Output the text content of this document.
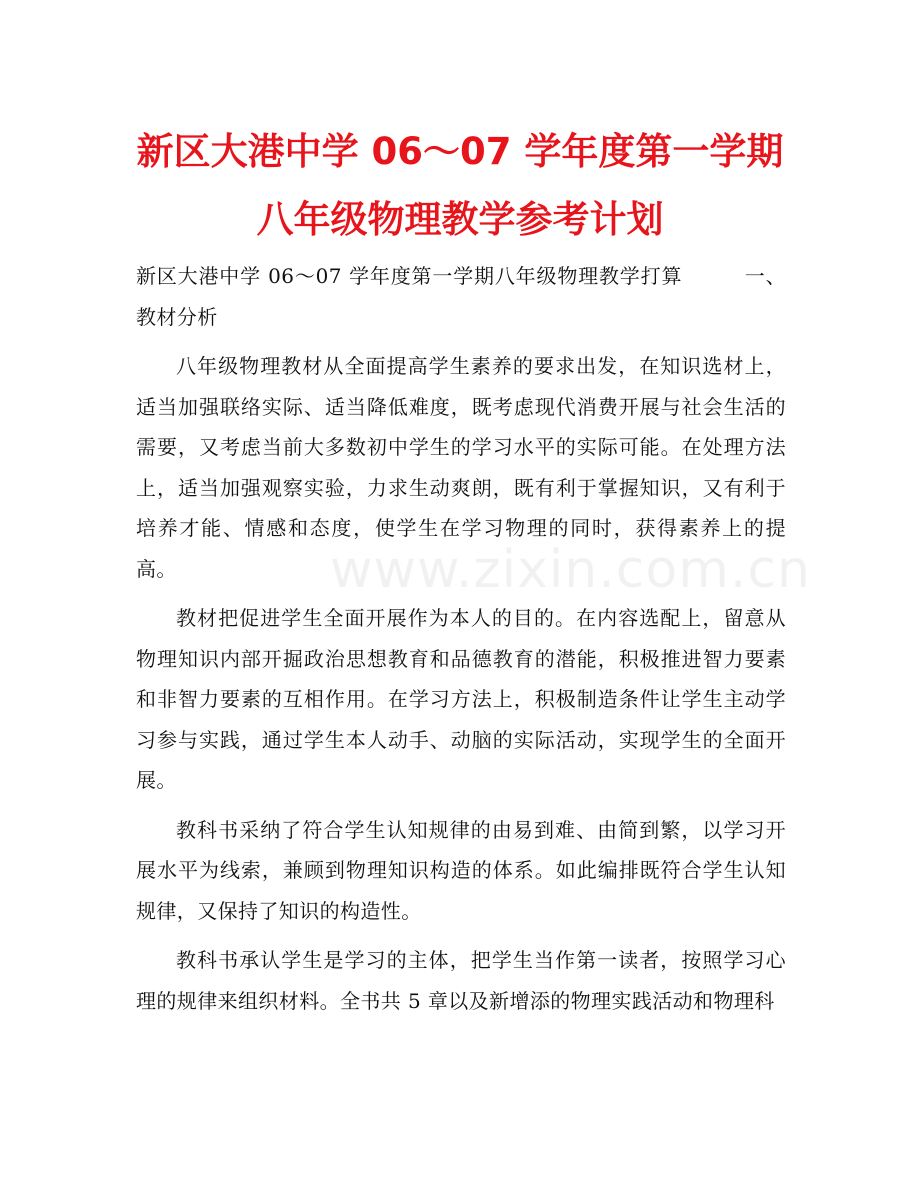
新区大港中学 06～07 学年度第一学期八年级物理教学参考计划
www.zixin.com.cn

新区大港中学 06～07 学年度第一学期八年级物理教学打算　　　一、教材分析

八年级物理教材从全面提高学生素养的要求出发，在知识选材上，适当加强联络实际、适当降低难度，既考虑现代消费开展与社会生活的需要，又考虑当前大多数初中学生的学习水平的实际可能。在处理方法上，适当加强观察实验，力求生动爽朗，既有利于掌握知识，又有利于培养才能、情感和态度，使学生在学习物理的同时，获得素养上的提高。

教材把促进学生全面开展作为本人的目的。在内容选配上，留意从物理知识内部开掘政治思想教育和品德教育的潜能，积极推进智力要素和非智力要素的互相作用。在学习方法上，积极制造条件让学生主动学习参与实践，通过学生本人动手、动脑的实际活动，实现学生的全面开展。

教科书采纳了符合学生认知规律的由易到难、由简到繁，以学习开展水平为线索，兼顾到物理知识构造的体系。如此编排既符合学生认知规律，又保持了知识的构造性。

教科书承认学生是学习的主体，把学生当作第一读者，按照学习心理的规律来组织材料。全书共 5 章以及新增添的物理实践活动和物理科
